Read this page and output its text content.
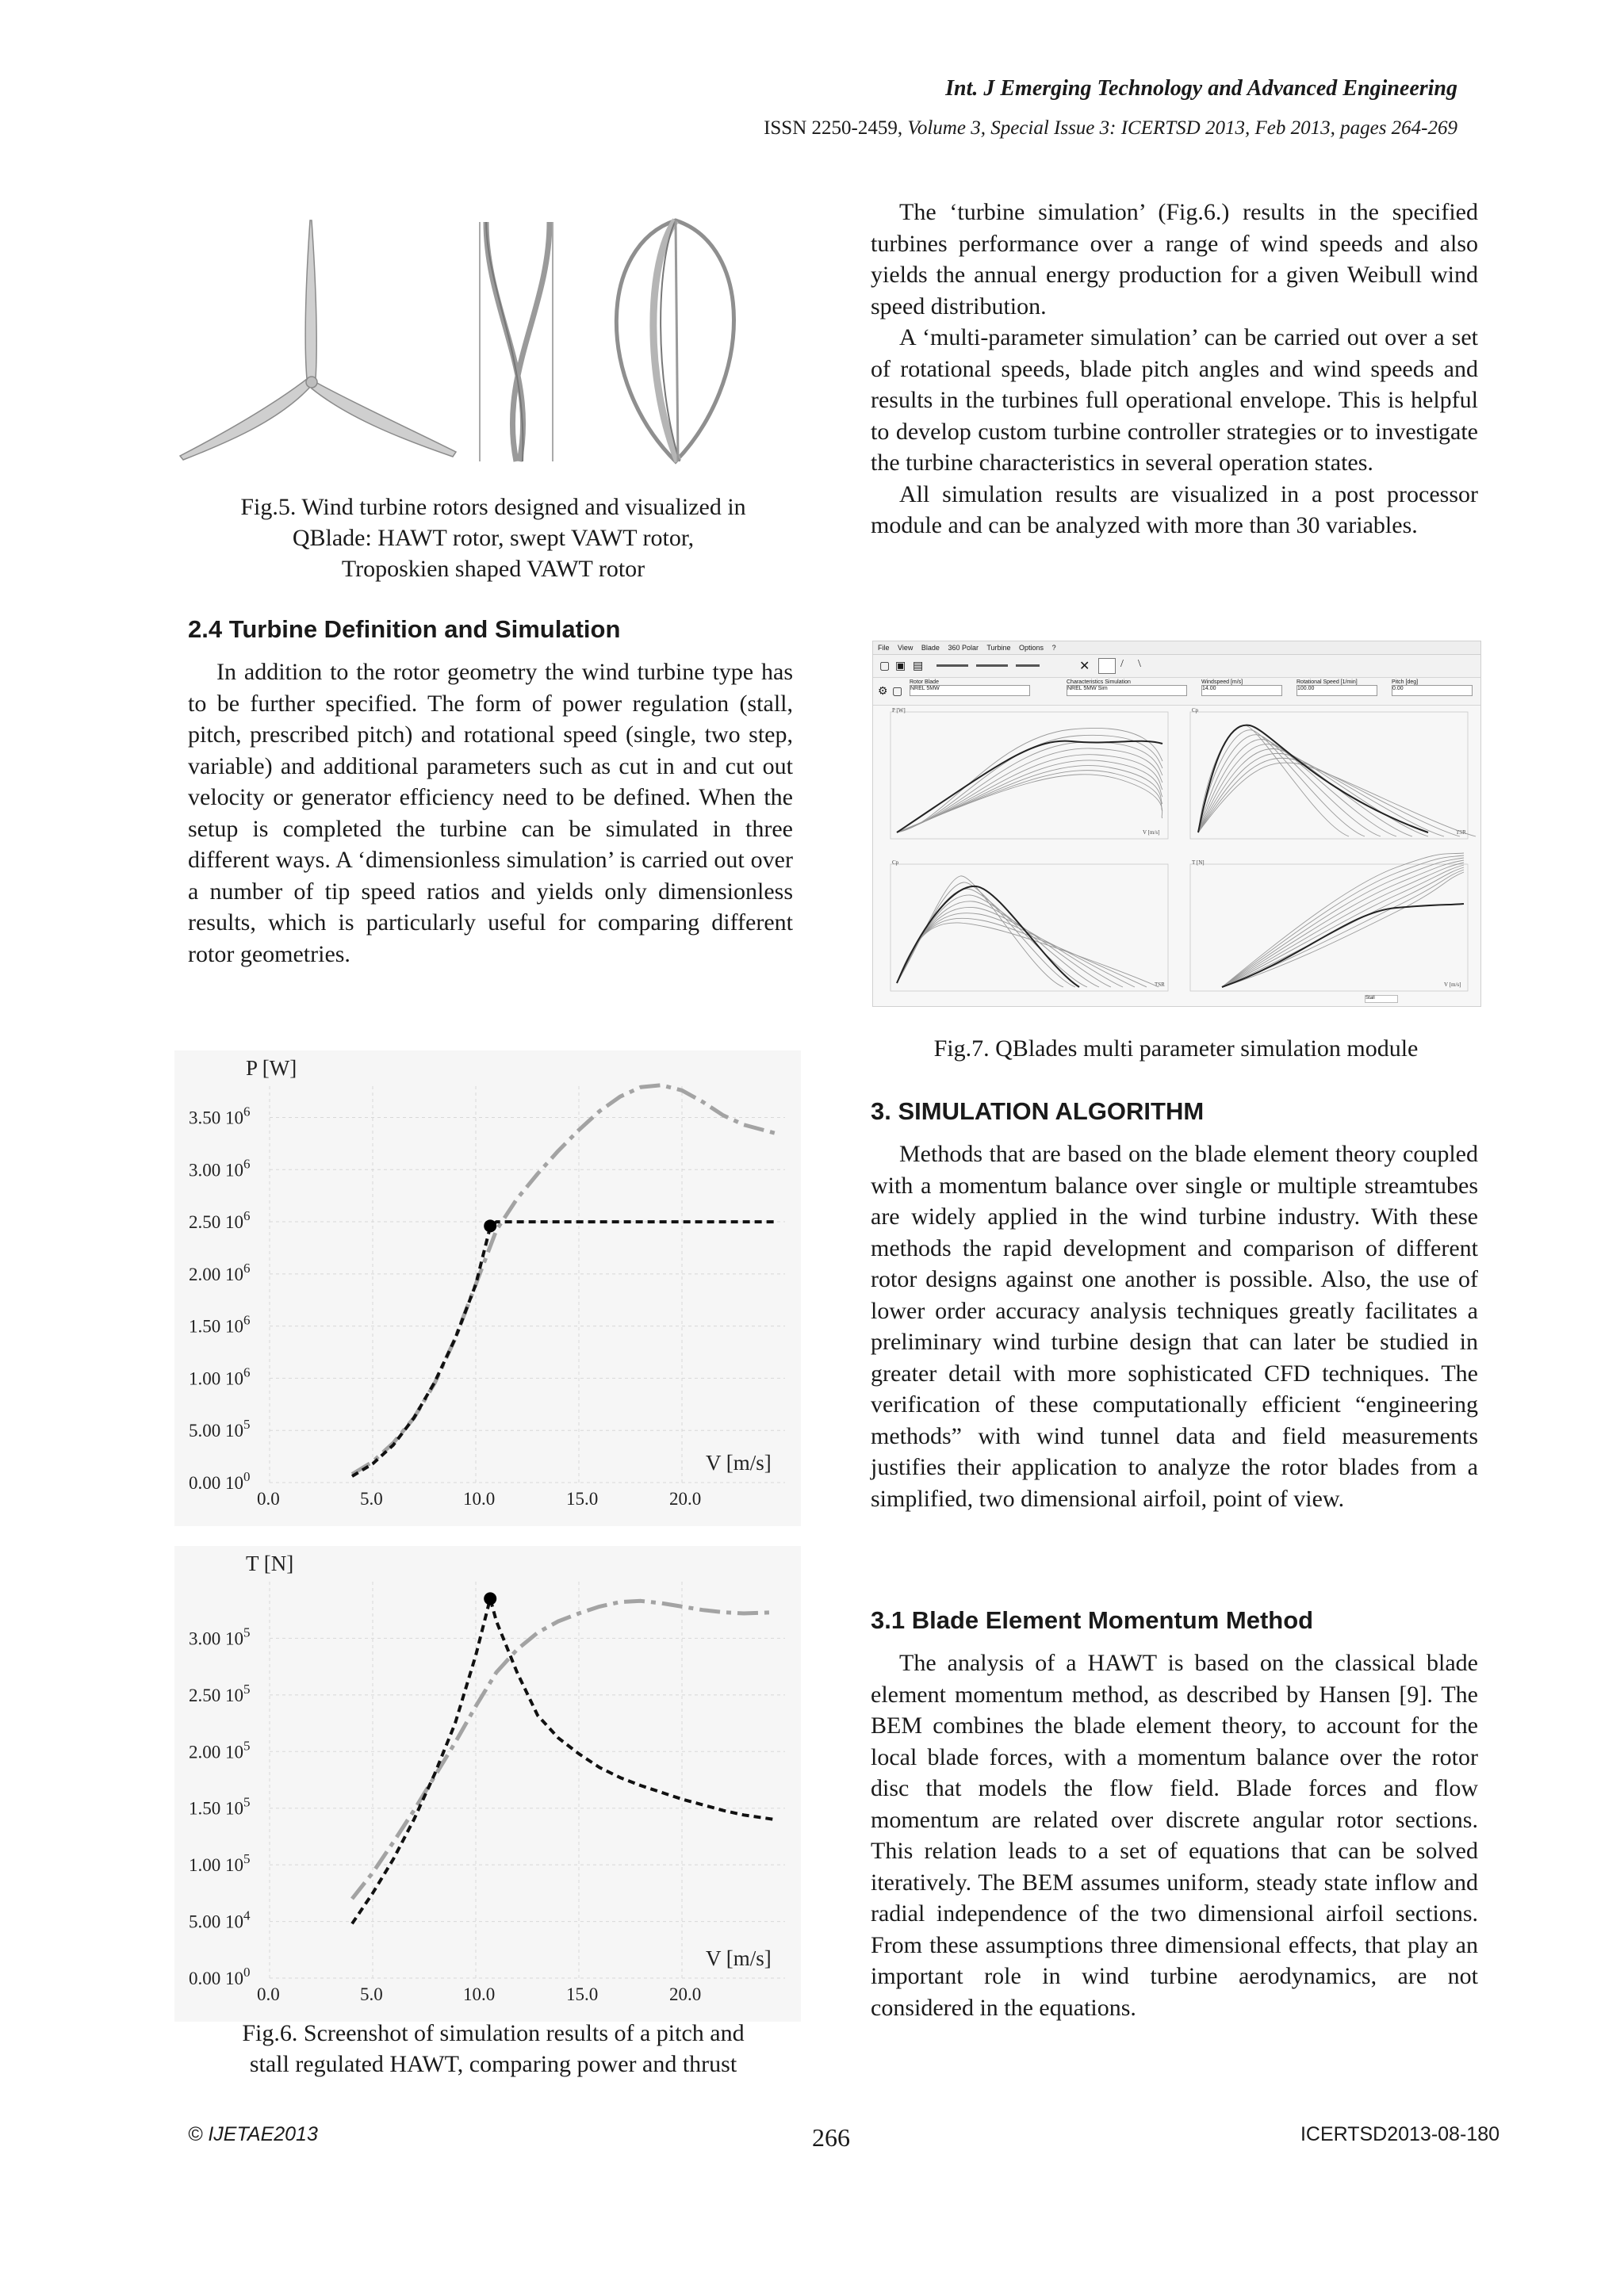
Int. J Emerging Technology and Advanced Engineering
ISSN 2250-2459, Volume 3, Special Issue 3: ICERTSD 2013, Feb 2013, pages 264-269

Fig.5. Wind turbine rotors designed and visualized in

QBlade: HAWT rotor, swept VAWT rotor,

Troposkien shaped VAWT rotor

2.4 Turbine Definition and Simulation

In addition to the rotor geometry the wind turbine type has to be further specified. The form of power regulation (stall, pitch, prescribed pitch) and rotational speed (single, two step, variable) and additional parameters such as cut in and cut out velocity or generator efficiency need to be defined. When the setup is completed the turbine can be simulated in three different ways. A ‘dimensionless simulation’ is carried out over a number of tip speed ratios and yields only dimensionless results, which is particularly useful for comparing different rotor geometries.

The ‘turbine simulation’ (Fig.6.) results in the specified turbines performance over a range of wind speeds and also yields the annual energy production for a given Weibull wind speed distribution.

A ‘multi-parameter simulation’ can be carried out over a set of rotational speeds, blade pitch angles and wind speeds and results in the turbines full operational envelope. This is helpful to develop custom turbine controller strategies or to investigate the turbine characteristics in several operation states.

All simulation results are visualized in a post processor module and can be analyzed with more than 30 variables.

File View Blade 360 Polar Turbine Options ?
▢ ▣ ▤	✕	/ \
⚙ ▢
Rotor Blade
NREL 5MW
Characteristics Simulation
NREL 5MW Sim
Windspeed [m/s]
14.00
Rotational Speed [1/min]
100.00
Pitch [deg]
0.00
P [W]
V [m/s]
Cp
TSR
Cp
TSR
T [N]
V [m/s]
Stall

Fig.7. QBlades multi parameter simulation module

3. SIMULATION ALGORITHM

Methods that are based on the blade element theory coupled with a momentum balance over single or multiple streamtubes are widely applied in the wind turbine industry. With these methods the rapid development and comparison of different rotor designs against one another is possible. Also, the use of lower order accuracy analysis techniques greatly facilitates a preliminary wind turbine design that can later be studied in greater detail with more sophisticated CFD techniques. The verification of these computationally efficient “engineering methods” with wind tunnel data and field measurements justifies their application to analyze the rotor blades from a simplified, two dimensional airfoil, point of view.

3.1 Blade Element Momentum Method

The analysis of a HAWT is based on the classical blade element momentum method, as described by Hansen [9]. The BEM combines the blade element theory, to account for the local blade forces, with a momentum balance over the rotor disc that models the flow field. Blade forces and flow momentum are related over discrete angular rotor sections. This relation leads to a set of equations that can be solved iteratively. The BEM assumes uniform, steady state inflow and radial independence of the two dimensional airfoil sections. From these assumptions three dimensional effects, that play an important role in wind turbine aerodynamics, are not considered in the equations.

P [W]
V [m/s]
0.0	5.0	10.0	15.0	20.0
0.00 $10^0$
5.00 $10^5$
1.00 $10^6$
1.50 $10^6$
2.00 $10^6$
2.50 $10^6$
3.00 $10^6$
3.50 $10^6$
T [N]
V [m/s]
0.0	5.0	10.0	15.0	20.0
0.00 $10^0$
5.00 $10^4$
1.00 $10^5$
1.50 $10^5$
2.00 $10^5$
2.50 $10^5$
3.00 $10^5$

Fig.6. Screenshot of simulation results of a pitch and

stall regulated HAWT, comparing power and thrust

© IJETAE2013	266	ICERTSD2013-08-180
